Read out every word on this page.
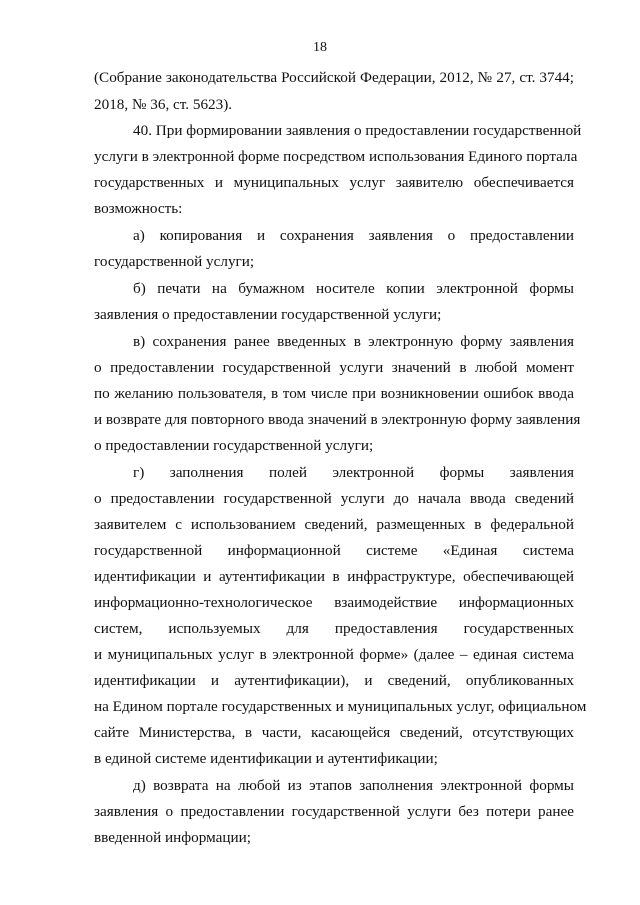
18
(Собрание законодательства Российской Федерации, 2012, № 27, ст. 3744;
2018, № 36, ст. 5623).
40. При формировании заявления о предоставлении государственной
услуги в электронной форме посредством использования Единого портала
государственных и муниципальных услуг заявителю обеспечивается
возможность:
а) копирования и сохранения заявления о предоставлении
государственной услуги;
б) печати на бумажном носителе копии электронной формы
заявления о предоставлении государственной услуги;
в) сохранения ранее введенных в электронную форму заявления
о предоставлении государственной услуги значений в любой момент
по желанию пользователя, в том числе при возникновении ошибок ввода
и возврате для повторного ввода значений в электронную форму заявления
о предоставлении государственной услуги;
г) заполнения полей электронной формы заявления
о предоставлении государственной услуги до начала ввода сведений
заявителем с использованием сведений, размещенных в федеральной
государственной информационной системе «Единая система
идентификации и аутентификации в инфраструктуре, обеспечивающей
информационно-технологическое взаимодействие информационных
систем, используемых для предоставления государственных
и муниципальных услуг в электронной форме» (далее – единая система
идентификации и аутентификации), и сведений, опубликованных
на Едином портале государственных и муниципальных услуг, официальном
сайте Министерства, в части, касающейся сведений, отсутствующих
в единой системе идентификации и аутентификации;
д) возврата на любой из этапов заполнения электронной формы
заявления о предоставлении государственной услуги без потери ранее
введенной информации;
